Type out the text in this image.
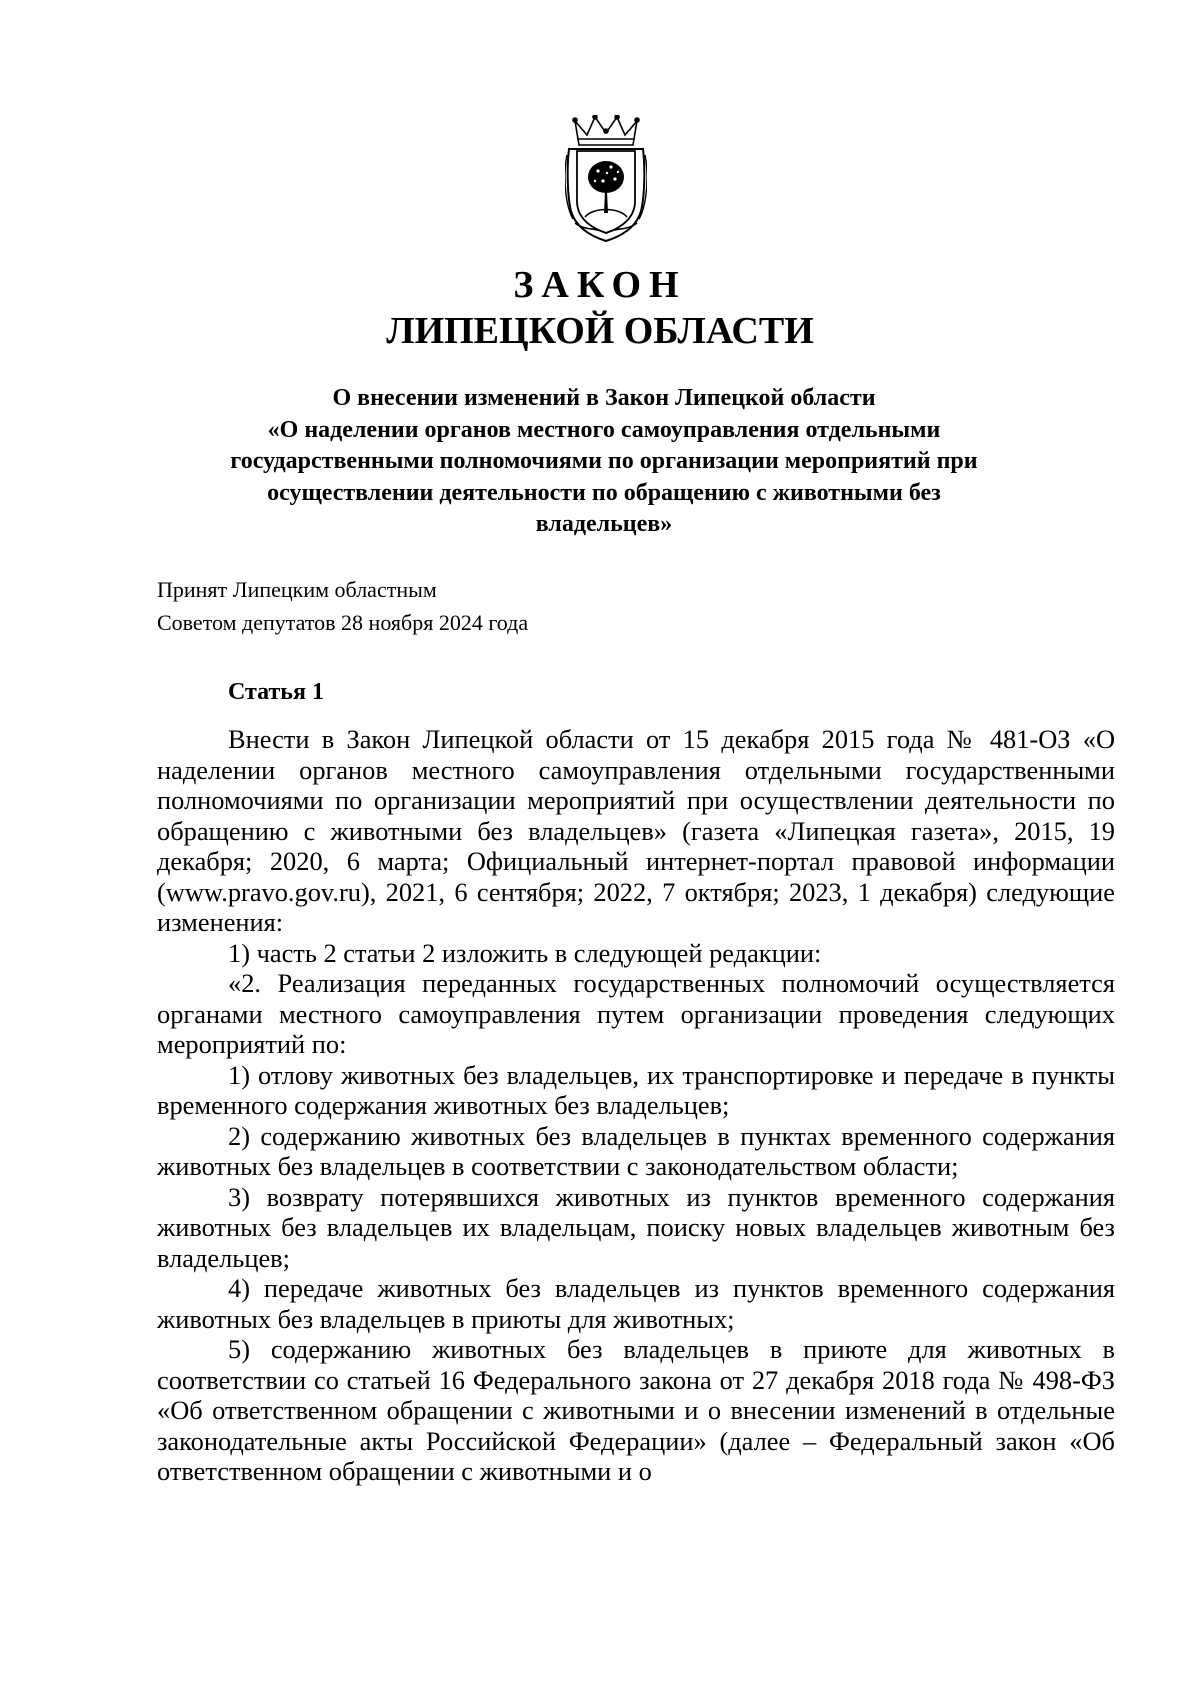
ЗАКОН

ЛИПЕЦКОЙ ОБЛАСТИ

О внесении изменений в Закон Липецкой области
«О наделении органов местного самоуправления отдельными
государственными полномочиями по организации мероприятий при
осуществлении деятельности по обращению с животными без
владельцев»
Принят Липецким областным
Советом депутатов 28 ноября 2024 года
Статья 1

Внести в Закон Липецкой области от 15 декабря 2015 года № 481-ОЗ «О наделении органов местного самоуправления отдельными государственными полномочиями по организации мероприятий при осуществлении деятельности по обращению с животными без владельцев» (газета «Липецкая газета», 2015, 19 декабря; 2020, 6 марта; Официальный интернет-портал правовой информации (www.pravo.gov.ru), 2021, 6 сентября; 2022, 7 октября; 2023, 1 декабря) следующие изменения:

1) часть 2 статьи 2 изложить в следующей редакции:

«2. Реализация переданных государственных полномочий осуществляется органами местного самоуправления путем организации проведения следующих мероприятий по:

1) отлову животных без владельцев, их транспортировке и передаче в пункты временного содержания животных без владельцев;

2) содержанию животных без владельцев в пунктах временного содержания животных без владельцев в соответствии с законодательством области;

3) возврату потерявшихся животных из пунктов временного содержания животных без владельцев их владельцам, поиску новых владельцев животным без владельцев;

4) передаче животных без владельцев из пунктов временного содержания животных без владельцев в приюты для животных;

5) содержанию животных без владельцев в приюте для животных в соответствии со статьей 16 Федерального закона от 27 декабря 2018 года № 498-ФЗ «Об ответственном обращении с животными и о внесении изменений в отдельные законодательные акты Российской Федерации» (далее – Федеральный закон «Об ответственном обращении с животными и о
